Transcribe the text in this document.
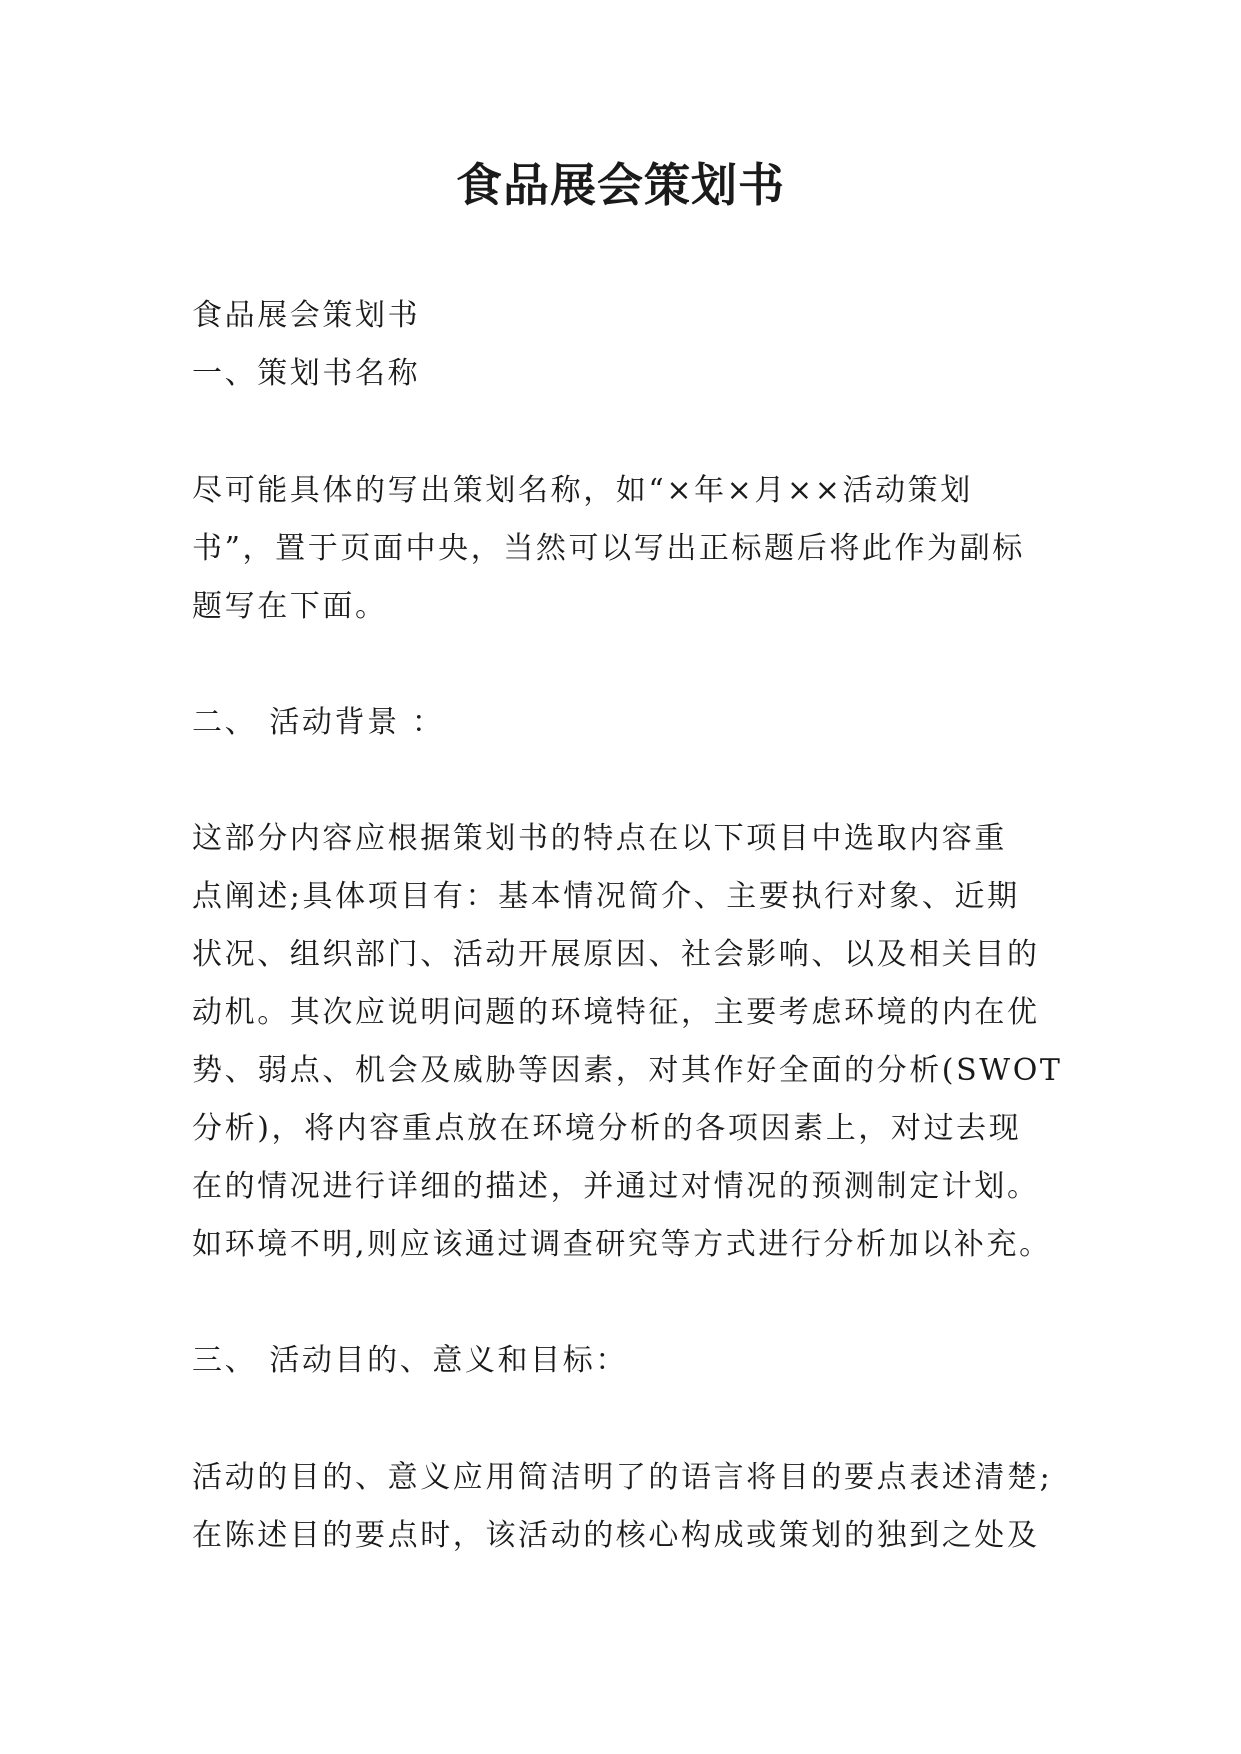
食品展会策划书
食品展会策划书
一、策划书名称
尽可能具体的写出策划名称，如“×年×月××活动策划
书”，置于页面中央，当然可以写出正标题后将此作为副标
题写在下面。
二、 活动背景 ：
这部分内容应根据策划书的特点在以下项目中选取内容重
点阐述;具体项目有：基本情况简介、主要执行对象、近期
状况、组织部门、活动开展原因、社会影响、以及相关目的
动机。其次应说明问题的环境特征，主要考虑环境的内在优
势、弱点、机会及威胁等因素，对其作好全面的分析(SWOT
分析)，将内容重点放在环境分析的各项因素上，对过去现
在的情况进行详细的描述，并通过对情况的预测制定计划。
如环境不明,则应该通过调查研究等方式进行分析加以补充。
三、 活动目的、意义和目标：
活动的目的、意义应用简洁明了的语言将目的要点表述清楚;
在陈述目的要点时，该活动的核心构成或策划的独到之处及
